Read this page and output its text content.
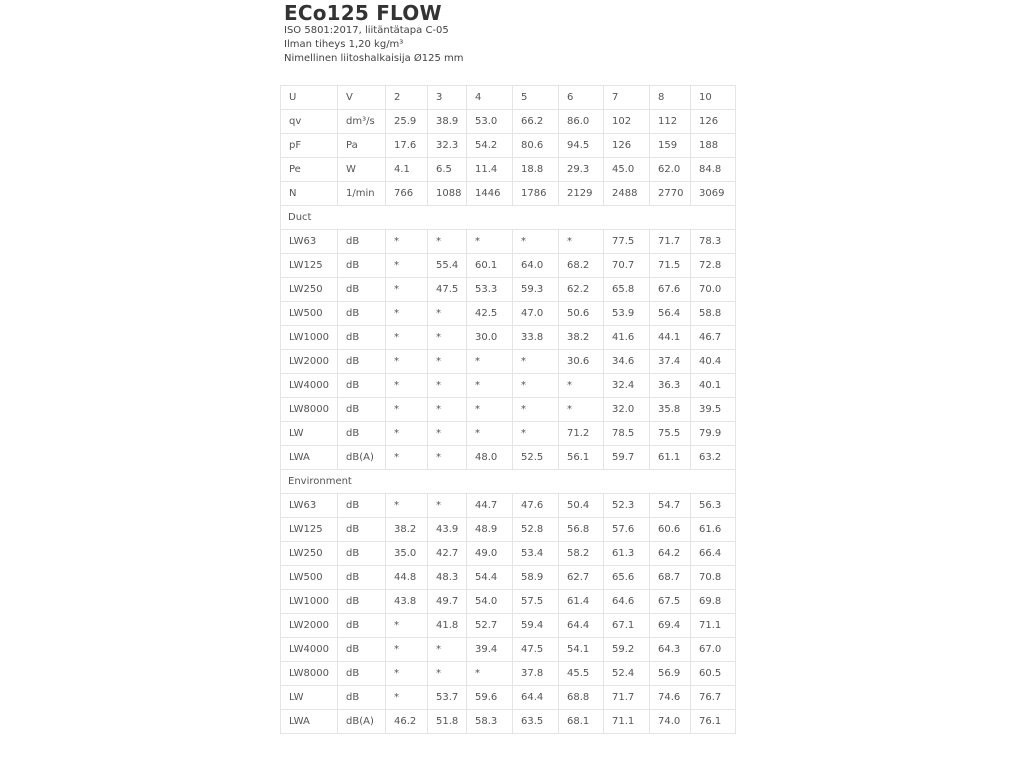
ECo125 FLOW

ISO 5801:2017, liitäntätapa C-05

Ilman tiheys 1,20 kg/m³

Nimellinen liitoshalkaisija Ø125 mm

U	V	2	3	4	5	6	7	8	10
qv	dm³/s	25.9	38.9	53.0	66.2	86.0	102	112	126
pF	Pa	17.6	32.3	54.2	80.6	94.5	126	159	188
Pe	W	4.1	6.5	11.4	18.8	29.3	45.0	62.0	84.8
N	1/min	766	1088	1446	1786	2129	2488	2770	3069
Duct									
LW63	dB	*	*	*	*	*	77.5	71.7	78.3
LW125	dB	*	55.4	60.1	64.0	68.2	70.7	71.5	72.8
LW250	dB	*	47.5	53.3	59.3	62.2	65.8	67.6	70.0
LW500	dB	*	*	42.5	47.0	50.6	53.9	56.4	58.8
LW1000	dB	*	*	30.0	33.8	38.2	41.6	44.1	46.7
LW2000	dB	*	*	*	*	30.6	34.6	37.4	40.4
LW4000	dB	*	*	*	*	*	32.4	36.3	40.1
LW8000	dB	*	*	*	*	*	32.0	35.8	39.5
LW	dB	*	*	*	*	71.2	78.5	75.5	79.9
LWA	dB(A)	*	*	48.0	52.5	56.1	59.7	61.1	63.2
Environment									
LW63	dB	*	*	44.7	47.6	50.4	52.3	54.7	56.3
LW125	dB	38.2	43.9	48.9	52.8	56.8	57.6	60.6	61.6
LW250	dB	35.0	42.7	49.0	53.4	58.2	61.3	64.2	66.4
LW500	dB	44.8	48.3	54.4	58.9	62.7	65.6	68.7	70.8
LW1000	dB	43.8	49.7	54.0	57.5	61.4	64.6	67.5	69.8
LW2000	dB	*	41.8	52.7	59.4	64.4	67.1	69.4	71.1
LW4000	dB	*	*	39.4	47.5	54.1	59.2	64.3	67.0
LW8000	dB	*	*	*	37.8	45.5	52.4	56.9	60.5
LW	dB	*	53.7	59.6	64.4	68.8	71.7	74.6	76.7
LWA	dB(A)	46.2	51.8	58.3	63.5	68.1	71.1	74.0	76.1
